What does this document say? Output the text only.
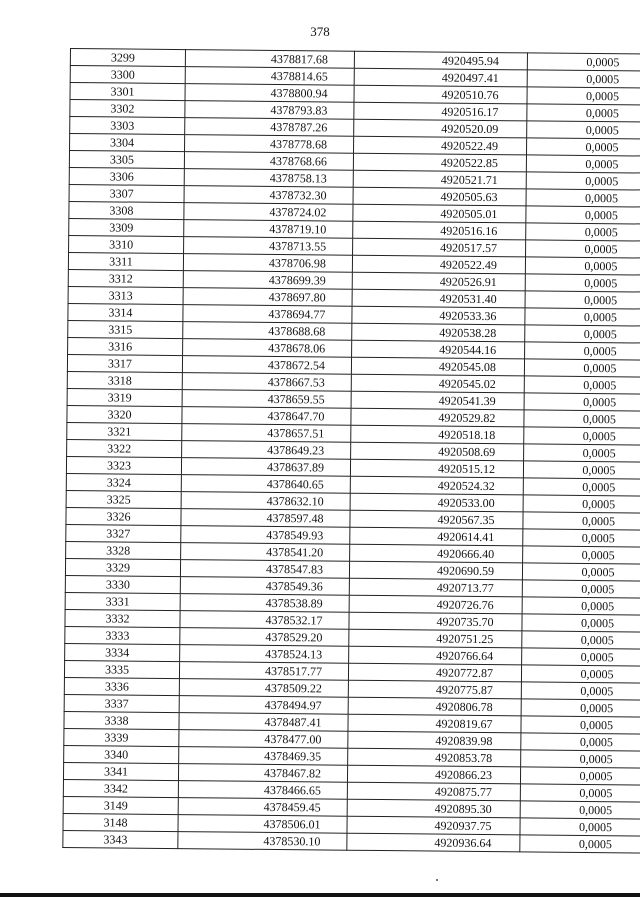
378
3299	4378817.68	4920495.94	0,0005
3300	4378814.65	4920497.41	0,0005
3301	4378800.94	4920510.76	0,0005
3302	4378793.83	4920516.17	0,0005
3303	4378787.26	4920520.09	0,0005
3304	4378778.68	4920522.49	0,0005
3305	4378768.66	4920522.85	0,0005
3306	4378758.13	4920521.71	0,0005
3307	4378732.30	4920505.63	0,0005
3308	4378724.02	4920505.01	0,0005
3309	4378719.10	4920516.16	0,0005
3310	4378713.55	4920517.57	0,0005
3311	4378706.98	4920522.49	0,0005
3312	4378699.39	4920526.91	0,0005
3313	4378697.80	4920531.40	0,0005
3314	4378694.77	4920533.36	0,0005
3315	4378688.68	4920538.28	0,0005
3316	4378678.06	4920544.16	0,0005
3317	4378672.54	4920545.08	0,0005
3318	4378667.53	4920545.02	0,0005
3319	4378659.55	4920541.39	0,0005
3320	4378647.70	4920529.82	0,0005
3321	4378657.51	4920518.18	0,0005
3322	4378649.23	4920508.69	0,0005
3323	4378637.89	4920515.12	0,0005
3324	4378640.65	4920524.32	0,0005
3325	4378632.10	4920533.00	0,0005
3326	4378597.48	4920567.35	0,0005
3327	4378549.93	4920614.41	0,0005
3328	4378541.20	4920666.40	0,0005
3329	4378547.83	4920690.59	0,0005
3330	4378549.36	4920713.77	0,0005
3331	4378538.89	4920726.76	0,0005
3332	4378532.17	4920735.70	0,0005
3333	4378529.20	4920751.25	0,0005
3334	4378524.13	4920766.64	0,0005
3335	4378517.77	4920772.87	0,0005
3336	4378509.22	4920775.87	0,0005
3337	4378494.97	4920806.78	0,0005
3338	4378487.41	4920819.67	0,0005
3339	4378477.00	4920839.98	0,0005
3340	4378469.35	4920853.78	0,0005
3341	4378467.82	4920866.23	0,0005
3342	4378466.65	4920875.77	0,0005
3149	4378459.45	4920895.30	0,0005
3148	4378506.01	4920937.75	0,0005
3343	4378530.10	4920936.64	0,0005
